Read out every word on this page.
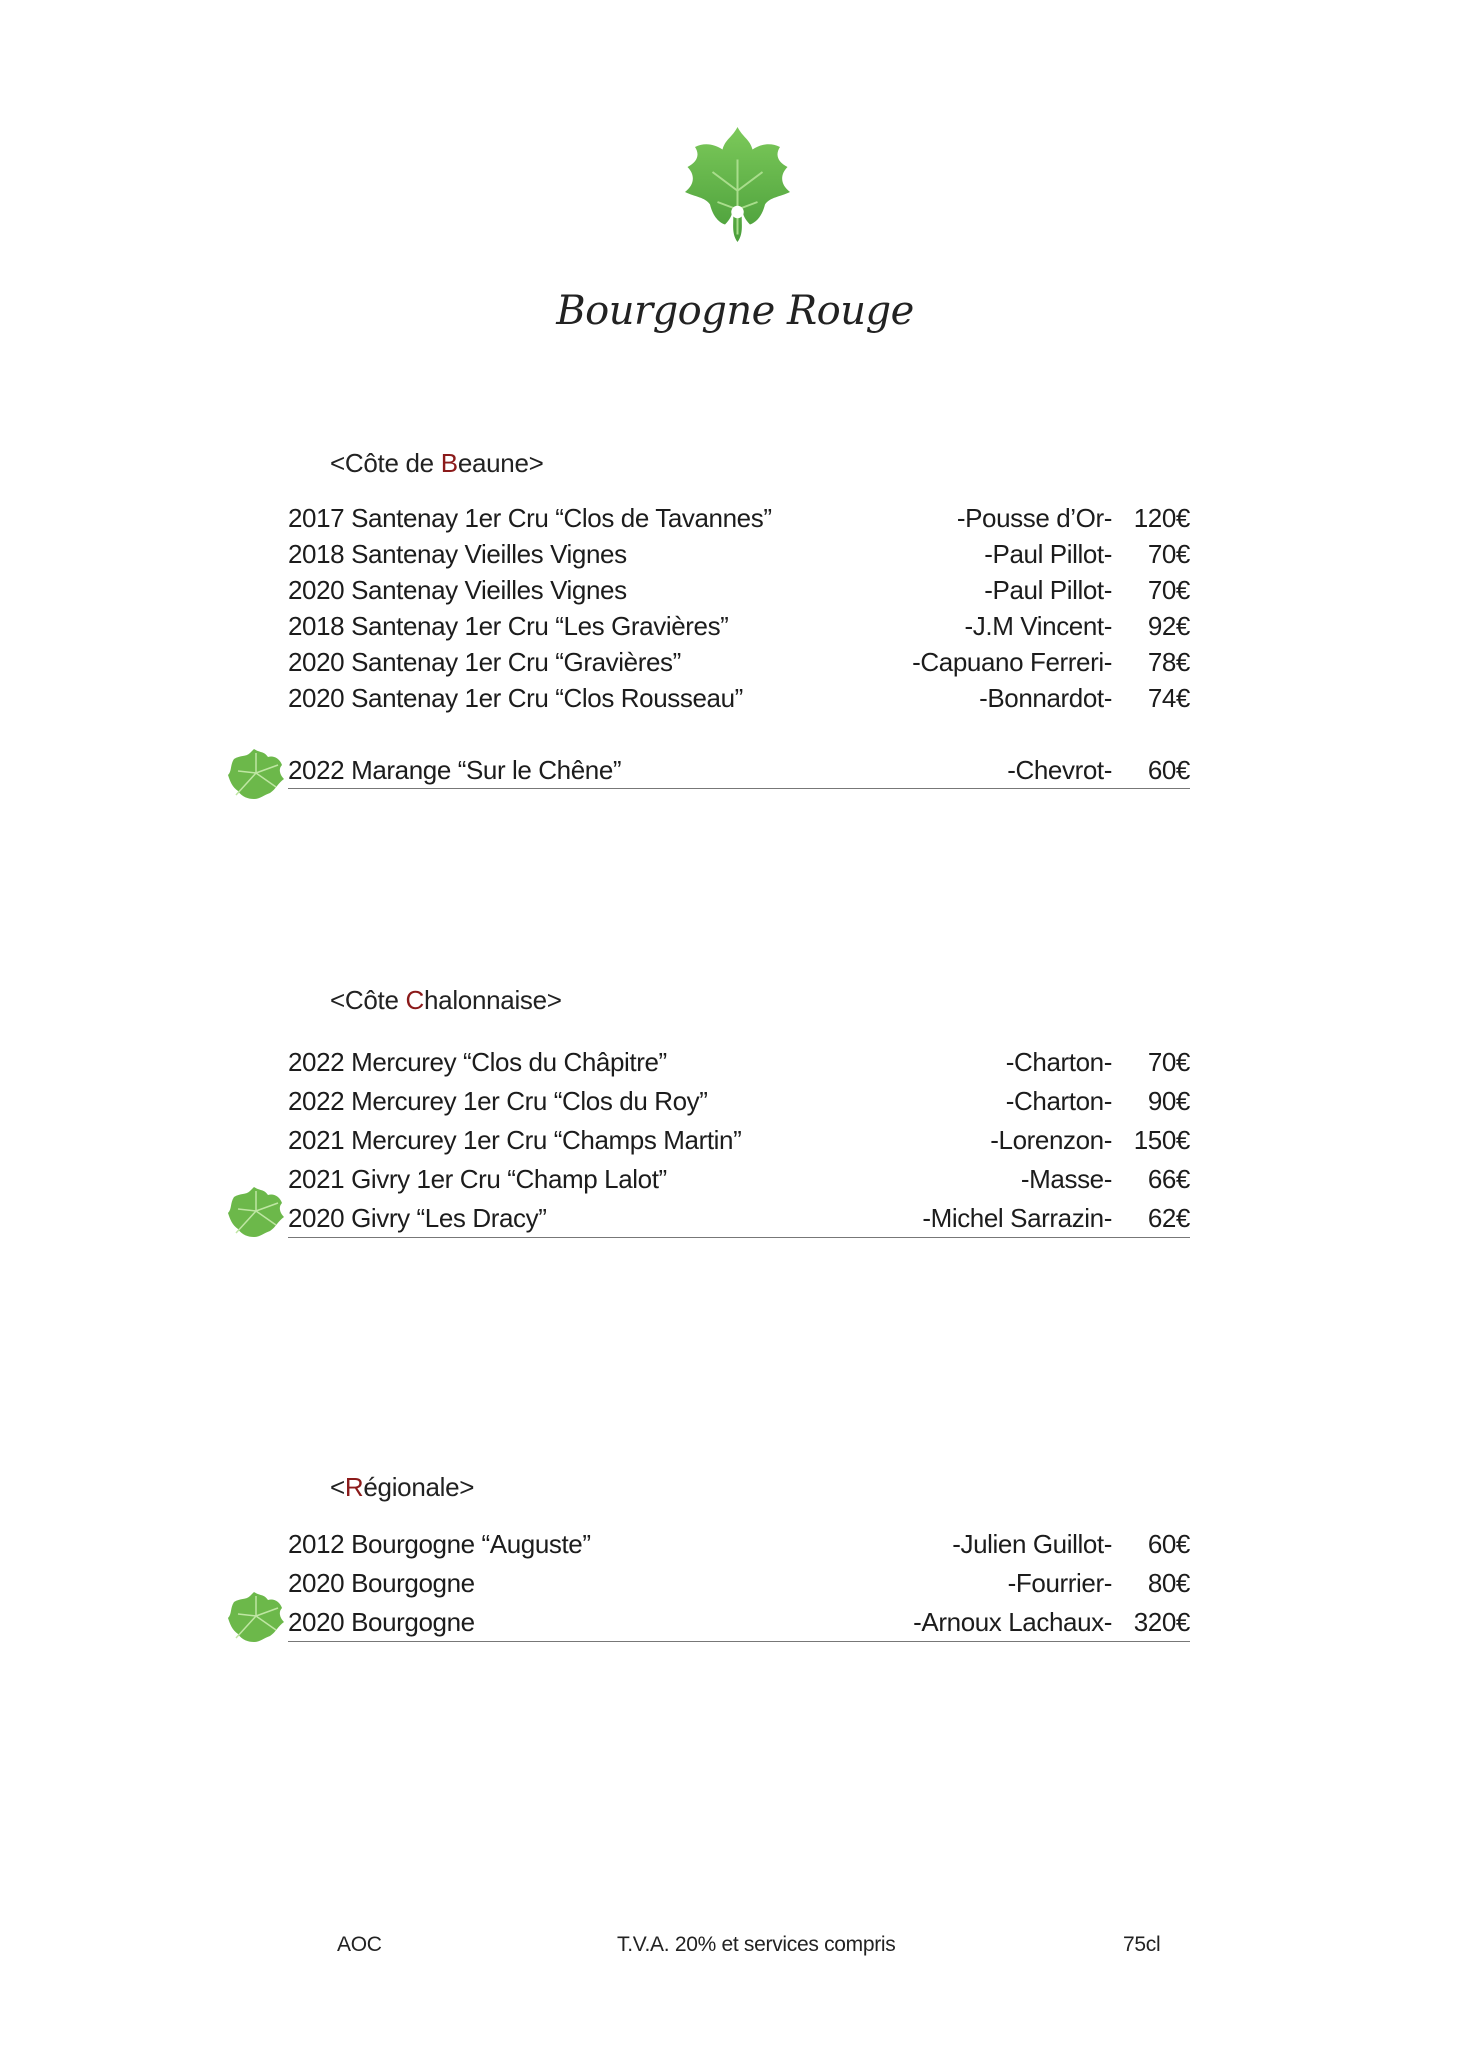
Bourgogne Rouge
<Côte de Beaune>
2017 Santenay 1er Cru “Clos de Tavannes”	-Pousse d’Or- 120€
2018 Santenay Vieilles Vignes	-Paul Pillot- 70€
2020 Santenay Vieilles Vignes	-Paul Pillot- 70€
2018 Santenay 1er Cru “Les Gravières”	-J.M Vincent- 92€
2020 Santenay 1er Cru “Gravières”	-Capuano Ferreri- 78€
2020 Santenay 1er Cru “Clos Rousseau”	-Bonnardot- 74€
2022 Marange “Sur le Chêne”	-Chevrot- 60€
<Côte Chalonnaise>
2022 Mercurey “Clos du Châpitre”	-Charton- 70€
2022 Mercurey 1er Cru “Clos du Roy”	-Charton- 90€
2021 Mercurey 1er Cru “Champs Martin”	-Lorenzon- 150€
2021 Givry 1er Cru “Champ Lalot”	-Masse- 66€
2020 Givry “Les Dracy”	-Michel Sarrazin- 62€
<Régionale>
2012 Bourgogne “Auguste”	-Julien Guillot- 60€
2020 Bourgogne	-Fourrier- 80€
2020 Bourgogne	-Arnoux Lachaux- 320€
AOC	T.V.A. 20% et services compris	75cl
